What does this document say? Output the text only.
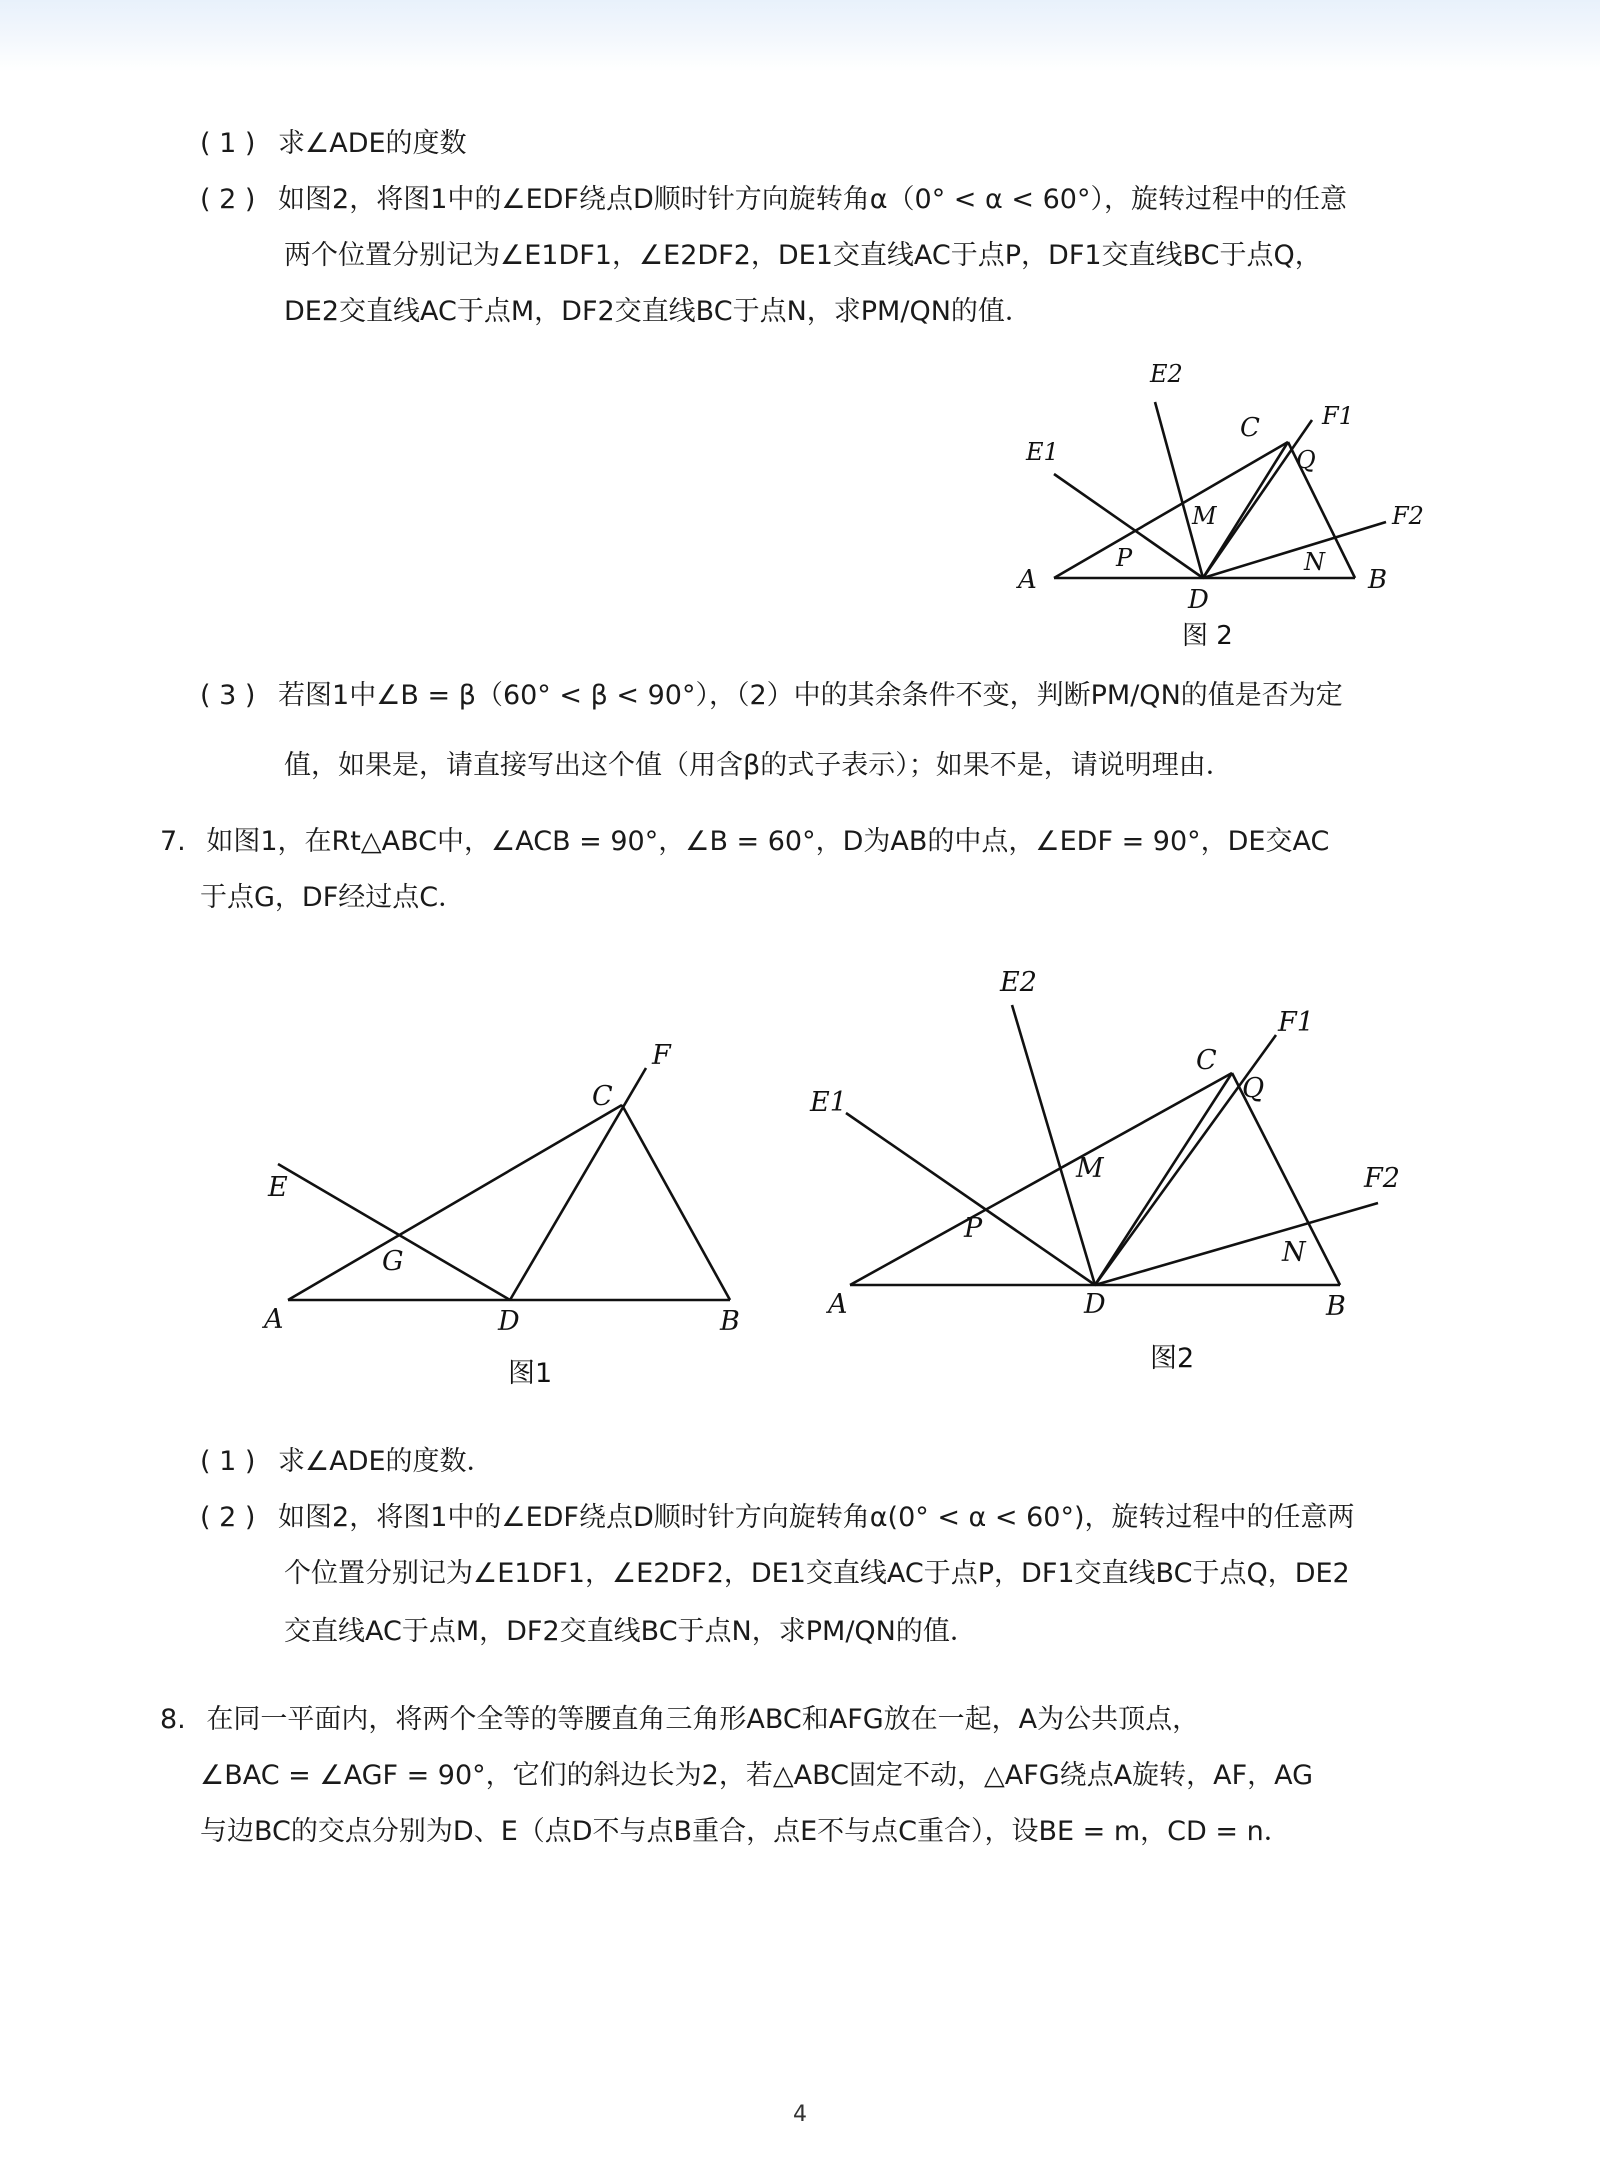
( 1 ) 求∠ADE的度数
( 2 ) 如图2，将图1中的∠EDF绕点D顺时针方向旋转角α（0° < α < 60°），旋转过程中的任意
两个位置分别记为∠E1DF1，∠E2DF2，DE1交直线AC于点P，DF1交直线BC于点Q，
DE2交直线AC于点M，DF2交直线BC于点N，求PM/QN的值．
A	B
C
D
E1
E2
F1
F2
P
Q
M
N
图 2
( 3 ) 若图1中∠B = β（60° < β < 90°），（2）中的其余条件不变，判断PM/QN的值是否为定
值，如果是，请直接写出这个值（用含β的式子表示）；如果不是，请说明理由．
7. 如图1，在Rt△ABC中，∠ACB = 90°，∠B = 60°，D为AB的中点，∠EDF = 90°，DE交AC
于点G，DF经过点C．
A	B
C
D
E
F
G
图1
A	B
C
D
E1
E2
F1
F2
P
Q
M
N
图2
( 1 ) 求∠ADE的度数．
( 2 ) 如图2，将图1中的∠EDF绕点D顺时针方向旋转角α(0° < α < 60°)，旋转过程中的任意两
个位置分别记为∠E1DF1，∠E2DF2，DE1交直线AC于点P，DF1交直线BC于点Q，DE2
交直线AC于点M，DF2交直线BC于点N，求PM/QN的值．
8. 在同一平面内，将两个全等的等腰直角三角形ABC和AFG放在一起，A为公共顶点，
∠BAC = ∠AGF = 90°，它们的斜边长为2，若△ABC固定不动，△AFG绕点A旋转，AF，AG
与边BC的交点分别为D、E（点D不与点B重合，点E不与点C重合），设BE = m，CD = n．
4
